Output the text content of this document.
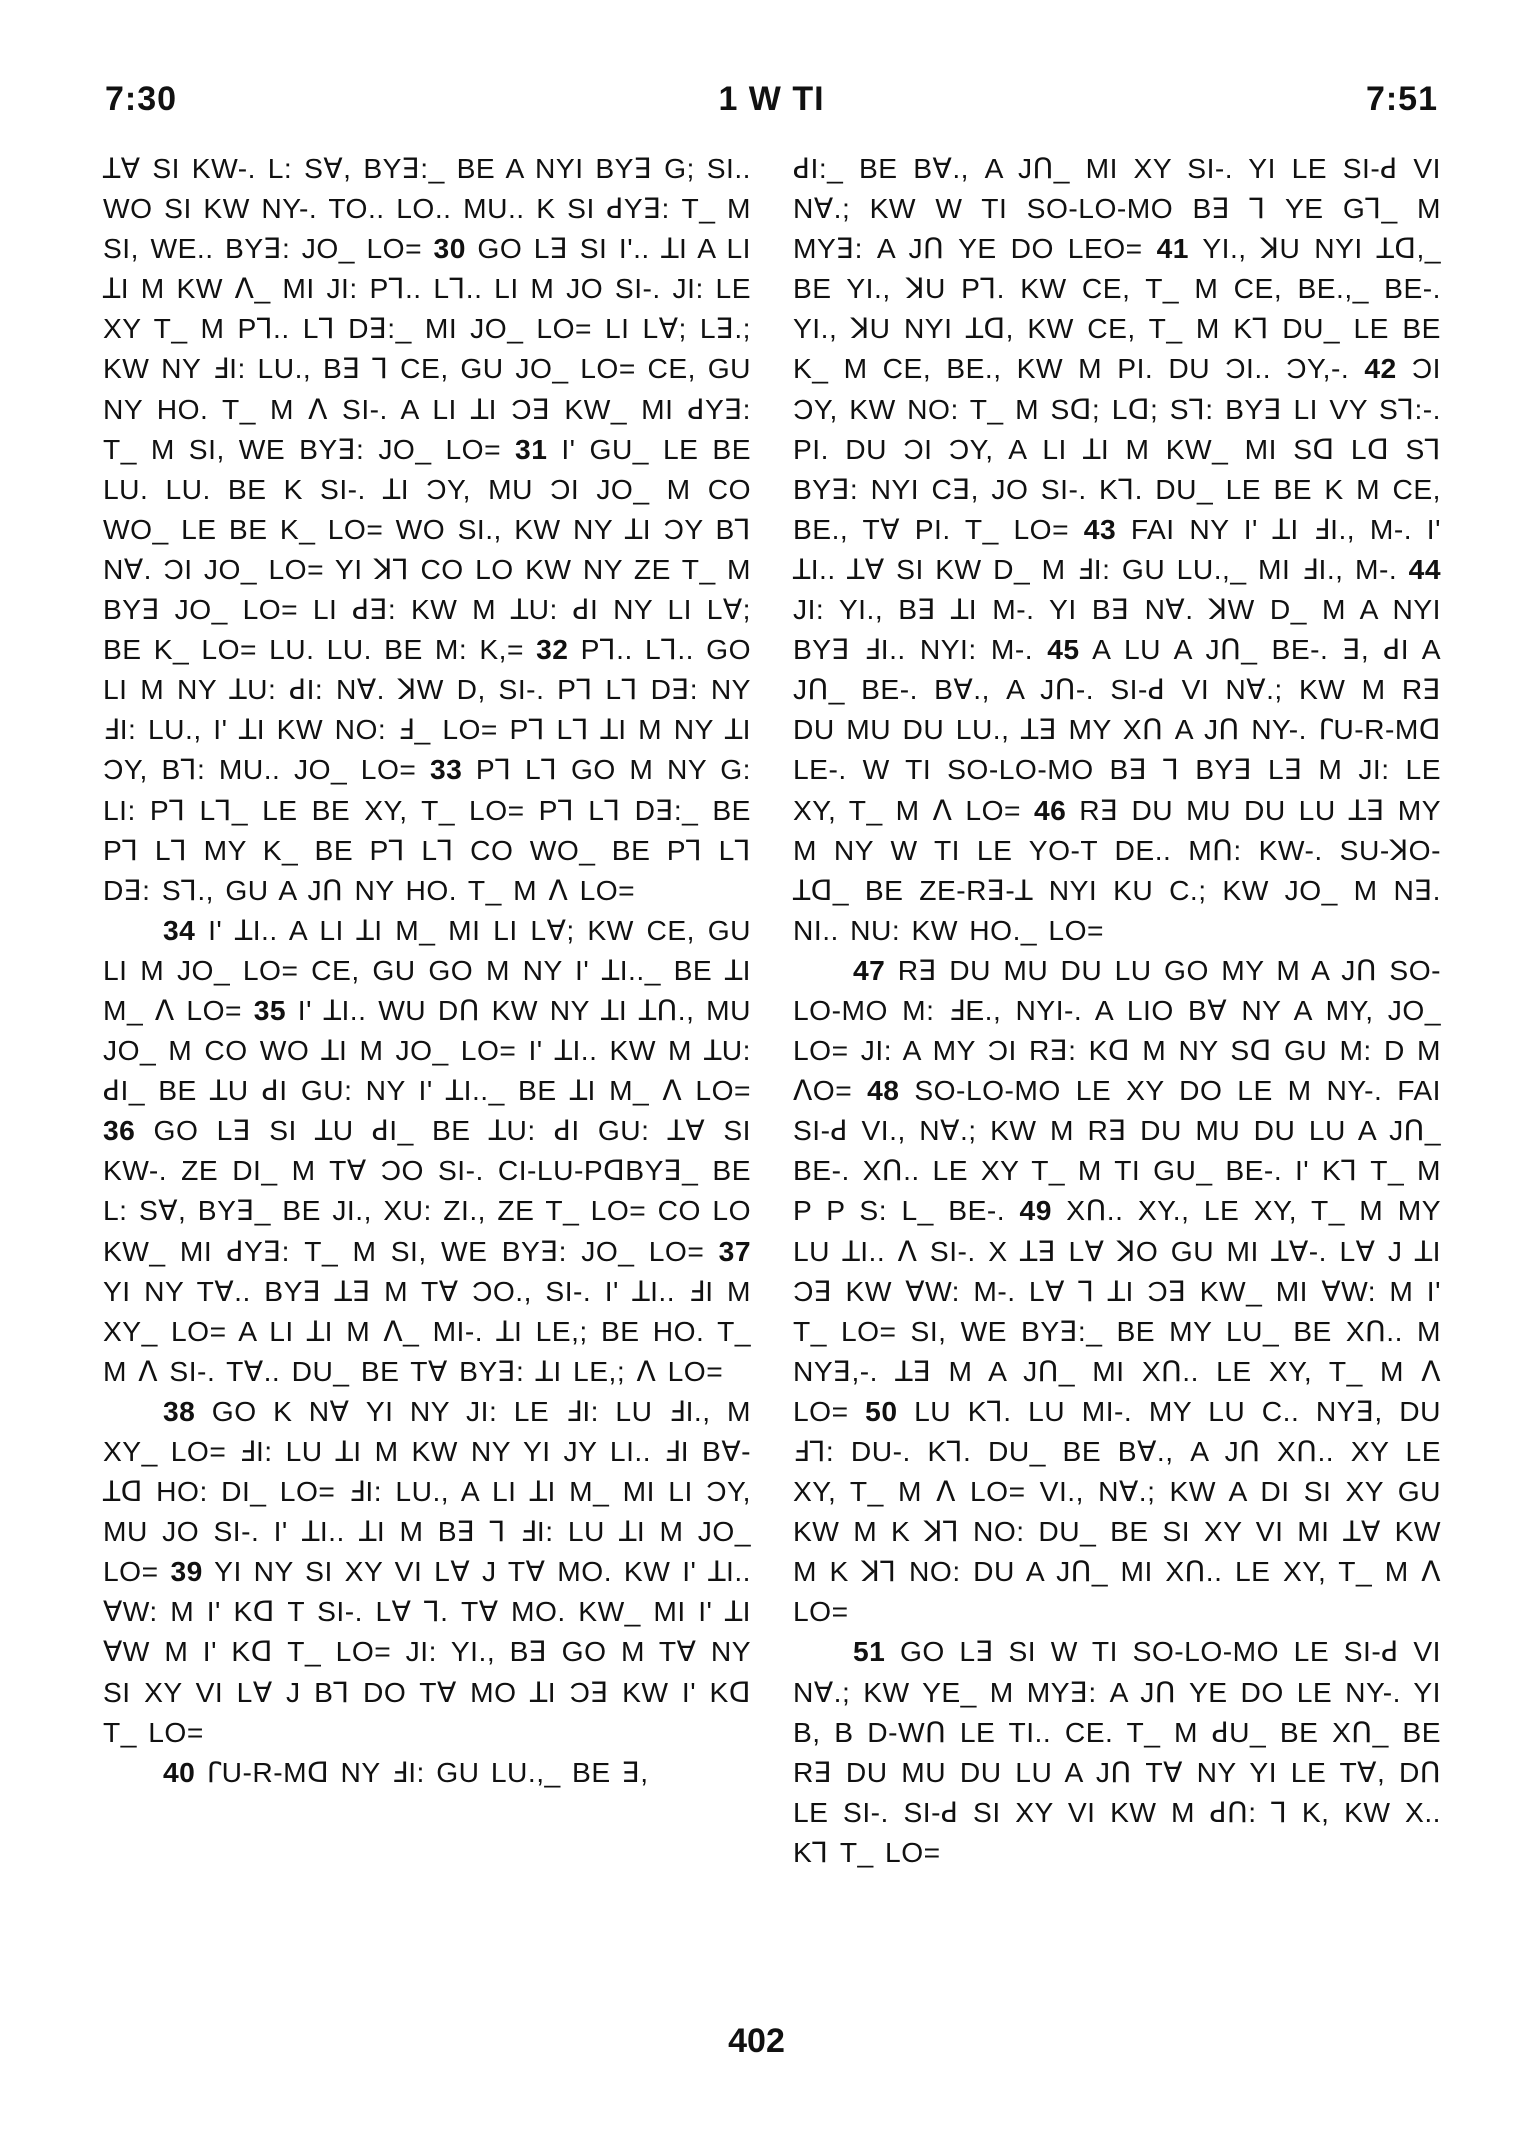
7:30	1 W TI	7:51

ꓕꓯ SI KW-. L: Sꓯ, BYꓱ:_ BE A NYI BYꓱ G; SI.. WO SI KW NY-. TO.. LO.. MU.. K SI ꓒYꓱ: T_ M SI, WE.. BYꓱ: JO_ LO= 30 GO Lꓱ SI I'.. ꓕI A LI ꓕI M KW ꓥ_ MI JI: Pꓶ.. Lꓶ.. LI M JO SI-. JI: LE XY T_ M Pꓶ.. Lꓶ Dꓱ:_ MI JO_ LO= LI Lꓯ; Lꓱ.; KW NY ꓞI: LU., Bꓱ ꓶ CE, GU JO_ LO= CE, GU NY HO. T_ M ꓥ SI-. A LI ꓕI Ɔꓱ KW_ MI ꓒYꓱ: T_ M SI, WE BYꓱ: JO_ LO= 31 I' GU_ LE BE LU. LU. BE K SI-. ꓕI ƆY, MU ƆI JO_ M CO WO_ LE BE K_ LO= WO SI., KW NY ꓕI ƆY Bꓶ Nꓯ. ƆI JO_ LO= YI ꓘꓶ CO LO KW NY ZE T_ M BYꓱ JO_ LO= LI ꓒꓱ: KW M ꓕU: ꓒI NY LI Lꓯ; BE K_ LO= LU. LU. BE M: K,= 32 Pꓶ.. Lꓶ.. GO LI M NY ꓕU: ꓒI: Nꓯ. ꓘW D, SI-. Pꓶ Lꓶ Dꓱ: NY ꓞI: LU., I' ꓕI KW NO: ꓞ_ LO= Pꓶ Lꓶ ꓕI M NY ꓕI ƆY, Bꓶ: MU.. JO_ LO= 33 Pꓶ Lꓶ GO M NY G: LI: Pꓶ Lꓶ_ LE BE XY, T_ LO= Pꓶ Lꓶ Dꓱ:_ BE Pꓶ Lꓶ MY K_ BE Pꓶ Lꓶ CO WO_ BE Pꓶ Lꓶ Dꓱ: Sꓶ., GU A Jꓵ NY HO. T_ M ꓥ LO=

34 I' ꓕI.. A LI ꓕI M_ MI LI Lꓯ; KW CE, GU LI M JO_ LO= CE, GU GO M NY I' ꓕI.._ BE ꓕI M_ ꓥ LO= 35 I' ꓕI.. WU Dꓵ KW NY ꓕI ꓕꓵ., MU JO_ M CO WO ꓕI M JO_ LO= I' ꓕI.. KW M ꓕU: ꓒI_ BE ꓕU ꓒI GU: NY I' ꓕI.._ BE ꓕI M_ ꓥ LO= 36 GO Lꓱ SI ꓕU ꓒI_ BE ꓕU: ꓒI GU: ꓕꓯ SI KW-. ZE DI_ M Tꓯ ƆO SI-. CI-LU-PꓷBYꓱ_ BE L: Sꓯ, BYꓱ_ BE JI., XU: ZI., ZE T_ LO= CO LO KW_ MI ꓒYꓱ: T_ M SI, WE BYꓱ: JO_ LO= 37 YI NY Tꓯ.. BYꓱ ꓕꓱ M Tꓯ ƆO., SI-. I' ꓕI.. ꓞI M XY_ LO= A LI ꓕI M ꓥ_ MI-. ꓕI LE,; BE HO. T_ M ꓥ SI-. Tꓯ.. DU_ BE Tꓯ BYꓱ: ꓕI LE,; ꓥ LO=

38 GO K Nꓯ YI NY JI: LE ꓞI: LU ꓞI., M XY_ LO= ꓞI: LU ꓕI M KW NY YI JY LI.. ꓞI Bꓯ-ꓕꓷ HO: DI_ LO= ꓞI: LU., A LI ꓕI M_ MI LI ƆY, MU JO SI-. I' ꓕI.. ꓕI M Bꓱ ꓶ ꓞI: LU ꓕI M JO_ LO= 39 YI NY SI XY VI Lꓯ J Tꓯ MO. KW I' ꓕI.. ꓯW: M I' Kꓷ T SI-. Lꓯ ꓶ. Tꓯ MO. KW_ MI I' ꓕI ꓯW M I' Kꓷ T_ LO= JI: YI., Bꓱ GO M Tꓯ NY SI XY VI Lꓯ J Bꓶ DO Tꓯ MO ꓕI Ɔꓱ KW I' Kꓷ T_ LO=

40 ꓩU-R-Mꓷ NY ꓞI: GU LU.,_ BE ꓱ,

ꓒI:_ BE Bꓯ., A Jꓵ_ MI XY SI-. YI LE SI-ꓒ VI Nꓯ.; KW W TI SO-LO-MO Bꓱ ꓶ YE Gꓶ_ M MYꓱ: A Jꓵ YE DO LEO= 41 YI., ꓘU NYI ꓕꓷ,_ BE YI., ꓘU Pꓶ. KW CE, T_ M CE, BE.,_ BE-. YI., ꓘU NYI ꓕꓷ, KW CE, T_ M Kꓶ DU_ LE BE K_ M CE, BE., KW M PI. DU ƆI.. ƆY,-. 42 ƆI ƆY, KW NO: T_ M Sꓷ; Lꓷ; Sꓶ: BYꓱ LI VY Sꓶ:-. PI. DU ƆI ƆY, A LI ꓕI M KW_ MI Sꓷ Lꓷ Sꓶ BYꓱ: NYI Cꓱ, JO SI-. Kꓶ. DU_ LE BE K M CE, BE., Tꓯ PI. T_ LO= 43 FAI NY I' ꓕI ꓞI., M-. I' ꓕI.. ꓕꓯ SI KW D_ M ꓞI: GU LU.,_ MI ꓞI., M-. 44 JI: YI., Bꓱ ꓕI M-. YI Bꓱ Nꓯ. ꓘW D_ M A NYI BYꓱ ꓞI.. NYI: M-. 45 A LU A Jꓵ_ BE-. ꓱ, ꓒI A Jꓵ_ BE-. Bꓯ., A Jꓵ-. SI-ꓒ VI Nꓯ.; KW M Rꓱ DU MU DU LU., ꓕꓱ MY Xꓵ A Jꓵ NY-. ꓩU-R-Mꓷ LE-. W TI SO-LO-MO Bꓱ ꓶ BYꓱ Lꓱ M JI: LE XY, T_ M ꓥ LO= 46 Rꓱ DU MU DU LU ꓕꓱ MY M NY W TI LE YO-T DE.. Mꓵ: KW-. SU-ꓘO-ꓕꓷ_ BE ZE-Rꓱ-ꓕ NYI KU C.; KW JO_ M Nꓱ. NI.. NU: KW HO._ LO=

47 Rꓱ DU MU DU LU GO MY M A Jꓵ SO-LO-MO M: ꓞE., NYI-. A LIO Bꓯ NY A MY, JO_ LO= JI: A MY ƆI Rꓱ: Kꓷ M NY Sꓷ GU M: D M ꓥO= 48 SO-LO-MO LE XY DO LE M NY-. FAI SI-ꓒ VI., Nꓯ.; KW M Rꓱ DU MU DU LU A Jꓵ_ BE-. Xꓵ.. LE XY T_ M TI GU_ BE-. I' Kꓶ T_ M P P S: L_ BE-. 49 Xꓵ.. XY., LE XY, T_ M MY LU ꓕI.. ꓥ SI-. X ꓕꓱ Lꓯ ꓘO GU MI ꓕꓯ-. Lꓯ J ꓕI Ɔꓱ KW ꓯW: M-. Lꓯ ꓶ ꓕI Ɔꓱ KW_ MI ꓯW: M I' T_ LO= SI, WE BYꓱ:_ BE MY LU_ BE Xꓵ.. M NYꓱ,-. ꓕꓱ M A Jꓵ_ MI Xꓵ.. LE XY, T_ M ꓥ LO= 50 LU Kꓶ. LU MI-. MY LU C.. NYꓱ, DU ꓞꓶ: DU-. Kꓶ. DU_ BE Bꓯ., A Jꓵ Xꓵ.. XY LE XY, T_ M ꓥ LO= VI., Nꓯ.; KW A DI SI XY GU KW M K ꓘꓶ NO: DU_ BE SI XY VI MI ꓕꓯ KW M K ꓘꓶ NO: DU A Jꓵ_ MI Xꓵ.. LE XY, T_ M ꓥ LO=

51 GO Lꓱ SI W TI SO-LO-MO LE SI-ꓒ VI Nꓯ.; KW YE_ M MYꓱ: A Jꓵ YE DO LE NY-. YI B, B D-Wꓵ LE TI.. CE. T_ M ꓒU_ BE Xꓵ_ BE Rꓱ DU MU DU LU A Jꓵ Tꓯ NY YI LE Tꓯ, Dꓵ LE SI-. SI-ꓒ SI XY VI KW M ꓒꓵ: ꓶ K, KW X.. Kꓶ T_ LO=

402
